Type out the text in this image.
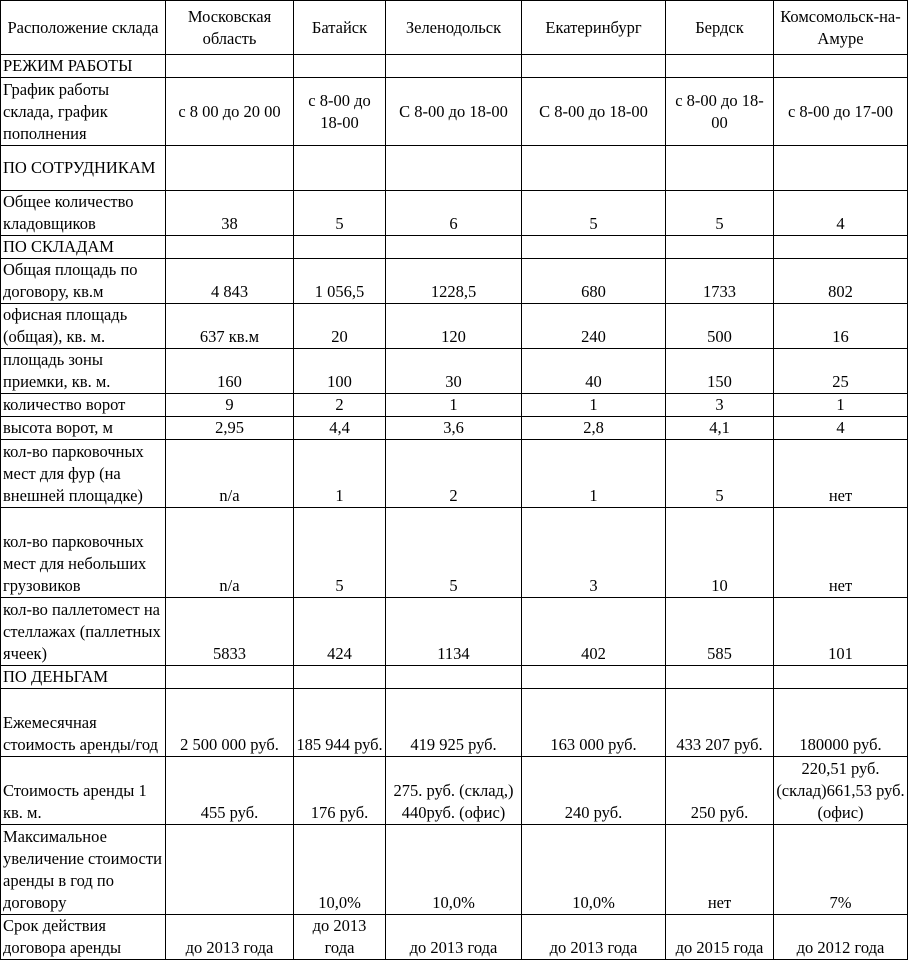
Расположение склада	Московская область	Батайск	Зеленодольск	Екатеринбург	Бердск	Комсомольск-на-Амуре
РЕЖИМ РАБОТЫ						
График работы склада, график пополнения	с 8 00 до 20 00	с 8-00 до 18-00	С 8-00 до 18-00	С 8-00 до 18-00	с 8-00 до 18-00	с 8-00 до 17-00
ПО СОТРУДНИКАМ						
Общее количество кладовщиков	38	5	6	5	5	4
ПО СКЛАДАМ						
Общая площадь по договору, кв.м	4 843	1 056,5	1228,5	680	1733	802
офисная площадь (общая), кв. м.	637 кв.м	20	120	240	500	16
площадь зоны приемки, кв. м.	160	100	30	40	150	25
количество ворот	9	2	1	1	3	1
высота ворот, м	2,95	4,4	3,6	2,8	4,1	4
кол-во парковочных мест для фур (на внешней площадке)	n/a	1	2	1	5	нет
кол-во парковочных мест для небольших грузовиков	n/a	5	5	3	10	нет
кол-во паллетомест на стеллажах (паллетных ячеек)	5833	424	1134	402	585	101
ПО ДЕНЬГАМ						
Ежемесячная стоимость аренды/год	2 500 000 руб.	185 944 руб.	419 925 руб.	163 000 руб.	433 207 руб.	180000 руб.
Стоимость аренды 1 кв. м.	455 руб.	176 руб.	275. руб. (склад,) 440руб. (офис)	240 руб.	250 руб.	220,51 руб. (склад)661,53 руб. (офис)
Максимальное увеличение стоимости аренды в год по договору		10,0%	10,0%	10,0%	нет	7%
Срок действия договора аренды	до 2013 года	до 2013 года	до 2013 года	до 2013 года	до 2015 года	до 2012 года
